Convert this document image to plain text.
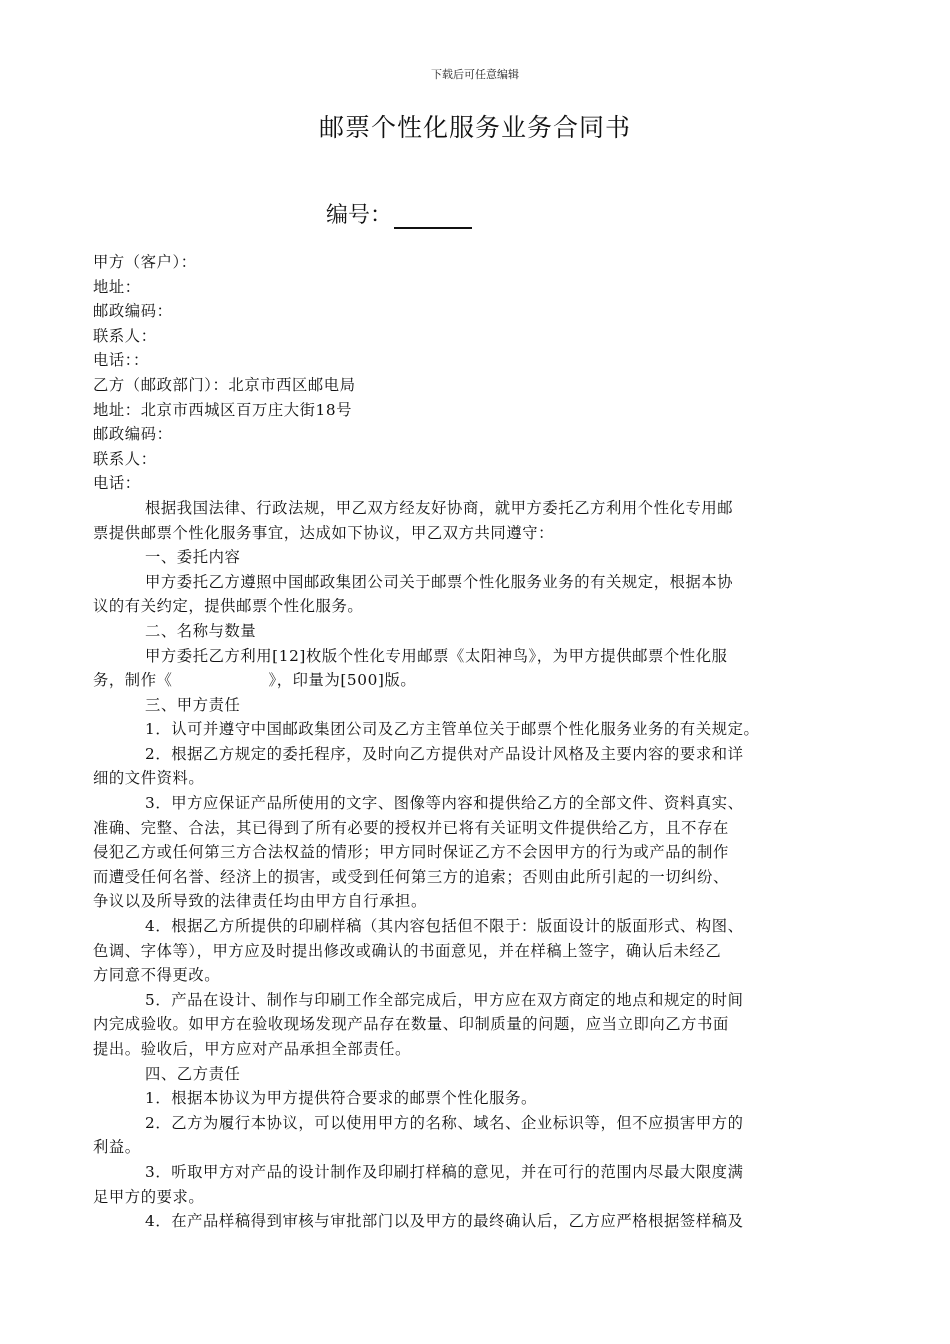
下载后可任意编辑
邮票个性化服务业务合同书
编号：
甲方（客户）：
地址：
邮政编码：
联系人：
电话：：
乙方（邮政部门）：北京市西区邮电局
地址：北京市西城区百万庄大街18号
邮政编码：
联系人：
电话：
根据我国法律、行政法规，甲乙双方经友好协商，就甲方委托乙方利用个性化专用邮
票提供邮票个性化服务事宜，达成如下协议，甲乙双方共同遵守：
一、委托内容
甲方委托乙方遵照中国邮政集团公司关于邮票个性化服务业务的有关规定，根据本协
议的有关约定，提供邮票个性化服务。
二、名称与数量
甲方委托乙方利用[12]枚版个性化专用邮票《太阳神鸟》，为甲方提供邮票个性化服
务，制作《	》，印量为[500]版。
三、甲方责任
1．认可并遵守中国邮政集团公司及乙方主管单位关于邮票个性化服务业务的有关规定。
2．根据乙方规定的委托程序，及时向乙方提供对产品设计风格及主要内容的要求和详
细的文件资料。
3．甲方应保证产品所使用的文字、图像等内容和提供给乙方的全部文件、资料真实、
准确、完整、合法，其已得到了所有必要的授权并已将有关证明文件提供给乙方，且不存在
侵犯乙方或任何第三方合法权益的情形；甲方同时保证乙方不会因甲方的行为或产品的制作
而遭受任何名誉、经济上的损害，或受到任何第三方的追索；否则由此所引起的一切纠纷、
争议以及所导致的法律责任均由甲方自行承担。
4．根据乙方所提供的印刷样稿（其内容包括但不限于：版面设计的版面形式、构图、
色调、字体等），甲方应及时提出修改或确认的书面意见，并在样稿上签字，确认后未经乙
方同意不得更改。
5．产品在设计、制作与印刷工作全部完成后，甲方应在双方商定的地点和规定的时间
内完成验收。如甲方在验收现场发现产品存在数量、印制质量的问题，应当立即向乙方书面
提出。验收后，甲方应对产品承担全部责任。
四、乙方责任
1．根据本协议为甲方提供符合要求的邮票个性化服务。
2．乙方为履行本协议，可以使用甲方的名称、域名、企业标识等，但不应损害甲方的
利益。
3．听取甲方对产品的设计制作及印刷打样稿的意见，并在可行的范围内尽最大限度满
足甲方的要求。
4．在产品样稿得到审核与审批部门以及甲方的最终确认后，乙方应严格根据签样稿及
